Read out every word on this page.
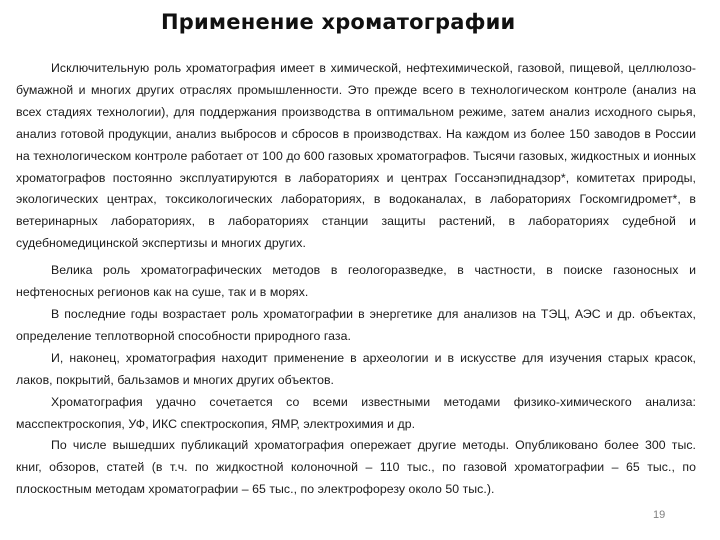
Применение хроматографии

Исключительную роль хроматография имеет в химической, нефтехимической, газовой, пищевой, целлюлозо-бумажной и многих других отраслях промышленности. Это прежде всего в технологическом контроле (анализ на всех стадиях технологии), для поддержания производства в оптимальном режиме, затем анализ исходного сырья, анализ готовой продукции, анализ выбросов и сбросов в производствах. На каждом из более 150 заводов в России на технологическом контроле работает от 100 до 600 газовых хроматографов. Тысячи газовых, жидкостных и ионных хроматографов постоянно эксплуатируются в лабораториях и центрах Госсанэпиднадзор*, комитетах природы, экологических центрах, токсикологических лабораториях, в водоканалах, в лабораториях Госкомгидромет*, в ветеринарных лабораториях, в лабораториях станции защиты растений, в лабораториях судебной и судебномедицинской экспертизы и многих других.

Велика роль хроматографических методов в геологоразведке, в частности, в поиске газоносных и нефтеносных регионов как на суше, так и в морях.

В последние годы возрастает роль хроматографии в энергетике для анализов на ТЭЦ, АЭС и др. объектах, определение теплотворной способности природного газа.

И, наконец, хроматография находит применение в археологии и в искусстве для изучения старых красок, лаков, покрытий, бальзамов и многих других объектов.

Хроматография удачно сочетается со всеми известными методами физико-химического анализа: масспектроскопия, УФ, ИКС спектроскопия, ЯМР, электрохимия и др.

По числе вышедших публикаций хроматография опережает другие методы. Опубликовано более 300 тыс. книг, обзоров, статей (в т.ч. по жидкостной колоночной – 110 тыс., по газовой хроматографии – 65 тыс., по плоскостным методам хроматографии – 65 тыс., по электрофорезу около 50 тыс.).

19
